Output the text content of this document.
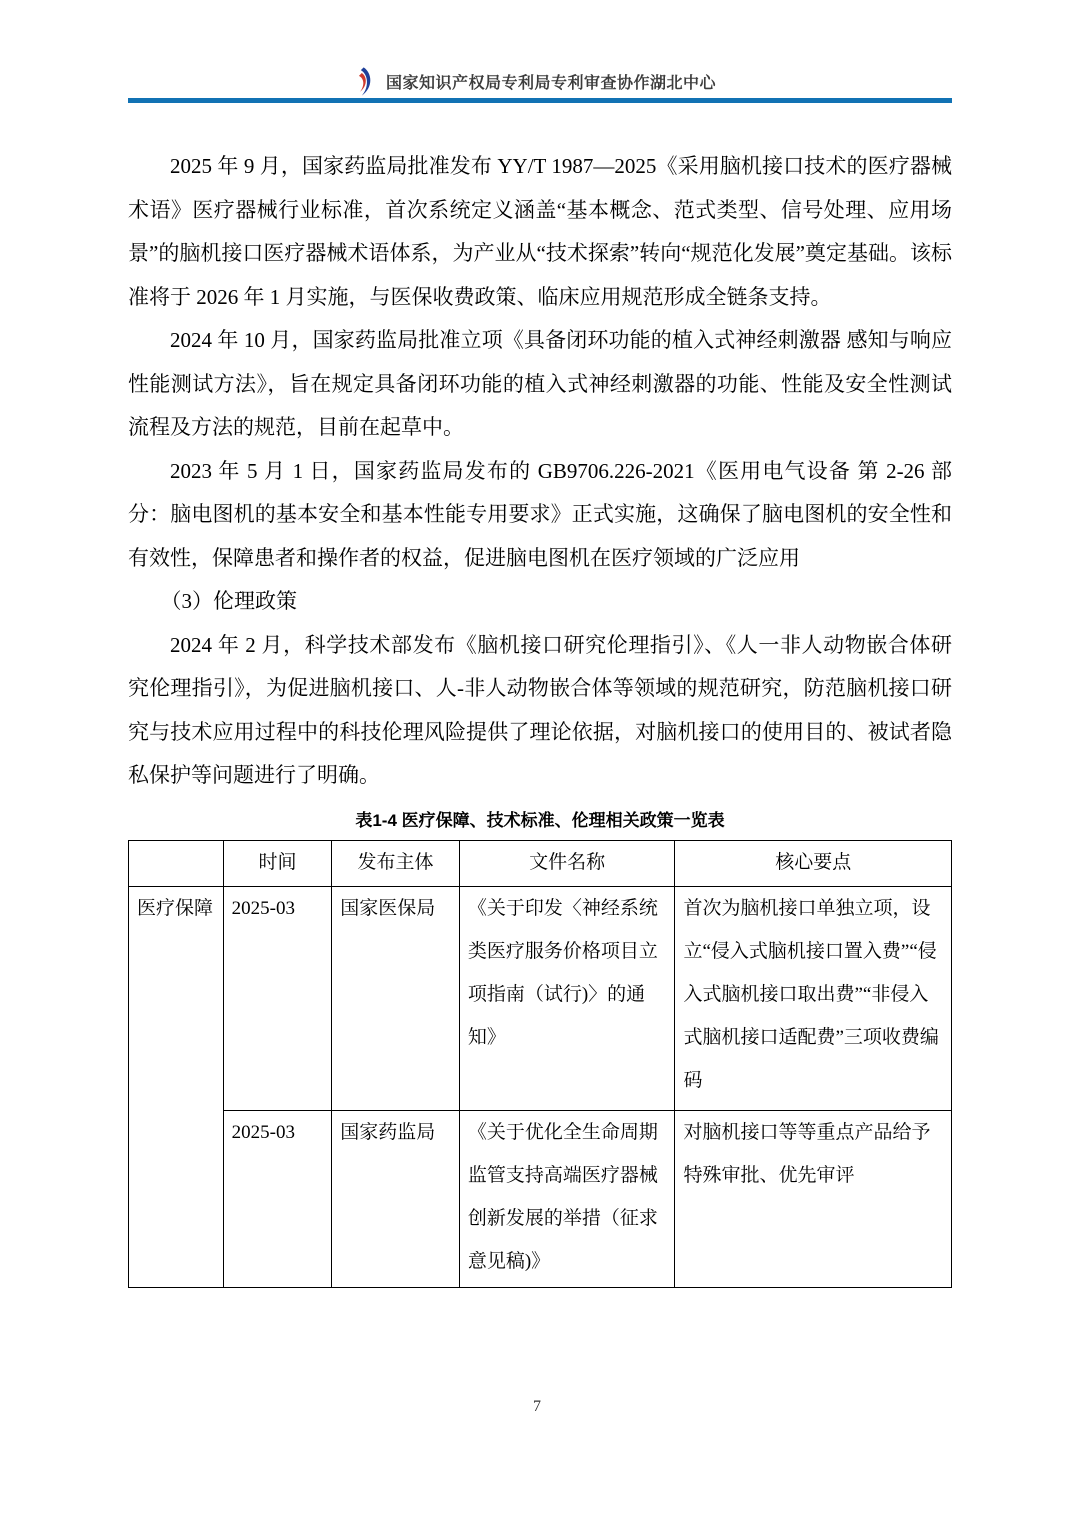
国家知识产权局专利局专利审查协作湖北中心

2025 年 9 月，国家药监局批准发布 YY/T 1987—2025《采用脑机接口技术的医疗器械术语》医疗器械行业标准，首次系统定义涵盖“基本概念、范式类型、信号处理、应用场景”的脑机接口医疗器械术语体系，为产业从“技术探索”转向“规范化发展”奠定基础。该标准将于 2026 年 1 月实施，与医保收费政策、临床应用规范形成全链条支持。

2024 年 10 月，国家药监局批准立项《具备闭环功能的植入式神经刺激器 感知与响应性能测试方法》，旨在规定具备闭环功能的植入式神经刺激器的功能、性能及安全性测试流程及方法的规范，目前在起草中。

2023 年 5 月 1 日，国家药监局发布的 GB9706.226-2021《医用电气设备 第 2-26 部分：脑电图机的基本安全和基本性能专用要求》正式实施，这确保了脑电图机的安全性和有效性，保障患者和操作者的权益，促进脑电图机在医疗领域的广泛应用

（3）伦理政策

2024 年 2 月，科学技术部发布《脑机接口研究伦理指引》、《人一非人动物嵌合体研究伦理指引》，为促进脑机接口、人-非人动物嵌合体等领域的规范研究，防范脑机接口研究与技术应用过程中的科技伦理风险提供了理论依据，对脑机接口的使用目的、被试者隐私保护等问题进行了明确。

表1-4 医疗保障、技术标准、伦理相关政策一览表
	时间	发布主体	文件名称	核心要点
医疗保障	2025-03	国家医保局	《关于印发〈神经系统类医疗服务价格项目立项指南（试行)〉的通知》	首次为脑机接口单独立项，设立“侵入式脑机接口置入费”“侵入式脑机接口取出费”“非侵入式脑机接口适配费”三项收费编码
	2025-03	国家药监局	《关于优化全生命周期监管支持高端医疗器械创新发展的举措（征求意见稿)》	对脑机接口等等重点产品给予特殊审批、优先审评
7
